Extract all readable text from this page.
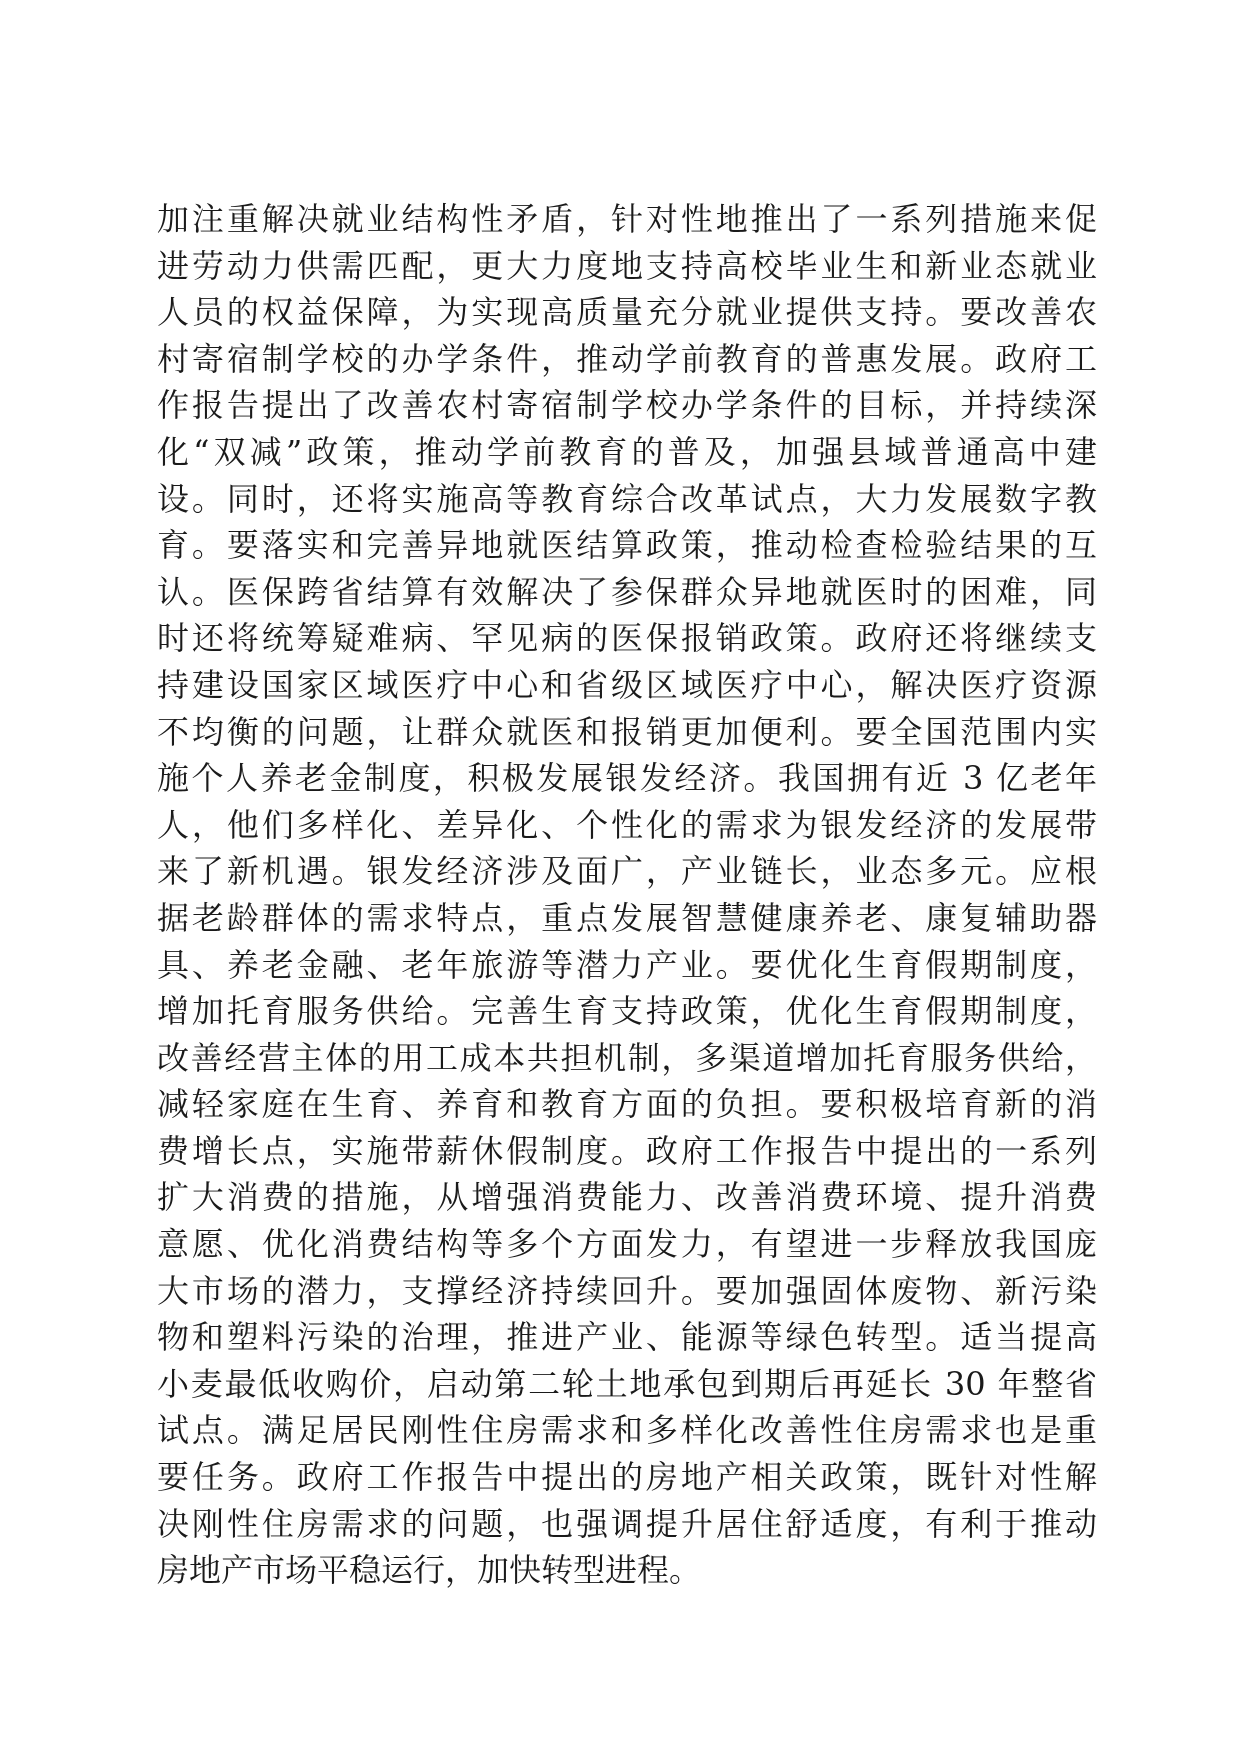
加注重解决就业结构性矛盾，针对性地推出了一系列措施来促
进劳动力供需匹配，更大力度地支持高校毕业生和新业态就业
人员的权益保障，为实现高质量充分就业提供支持。要改善农
村寄宿制学校的办学条件，推动学前教育的普惠发展。政府工
作报告提出了改善农村寄宿制学校办学条件的目标，并持续深
化“双减”政策，推动学前教育的普及，加强县域普通高中建
设。同时，还将实施高等教育综合改革试点，大力发展数字教
育。要落实和完善异地就医结算政策，推动检查检验结果的互
认。医保跨省结算有效解决了参保群众异地就医时的困难，同
时还将统筹疑难病、罕见病的医保报销政策。政府还将继续支
持建设国家区域医疗中心和省级区域医疗中心，解决医疗资源
不均衡的问题，让群众就医和报销更加便利。要全国范围内实
施个人养老金制度，积极发展银发经济。我国拥有近 3 亿老年
人，他们多样化、差异化、个性化的需求为银发经济的发展带
来了新机遇。银发经济涉及面广，产业链长，业态多元。应根
据老龄群体的需求特点，重点发展智慧健康养老、康复辅助器
具、养老金融、老年旅游等潜力产业。要优化生育假期制度，
增加托育服务供给。完善生育支持政策，优化生育假期制度，
改善经营主体的用工成本共担机制，多渠道增加托育服务供给，
减轻家庭在生育、养育和教育方面的负担。要积极培育新的消
费增长点，实施带薪休假制度。政府工作报告中提出的一系列
扩大消费的措施，从增强消费能力、改善消费环境、提升消费
意愿、优化消费结构等多个方面发力，有望进一步释放我国庞
大市场的潜力，支撑经济持续回升。要加强固体废物、新污染
物和塑料污染的治理，推进产业、能源等绿色转型。适当提高
小麦最低收购价，启动第二轮土地承包到期后再延长 30 年整省
试点。满足居民刚性住房需求和多样化改善性住房需求也是重
要任务。政府工作报告中提出的房地产相关政策，既针对性解
决刚性住房需求的问题，也强调提升居住舒适度，有利于推动
房地产市场平稳运行，加快转型进程。
